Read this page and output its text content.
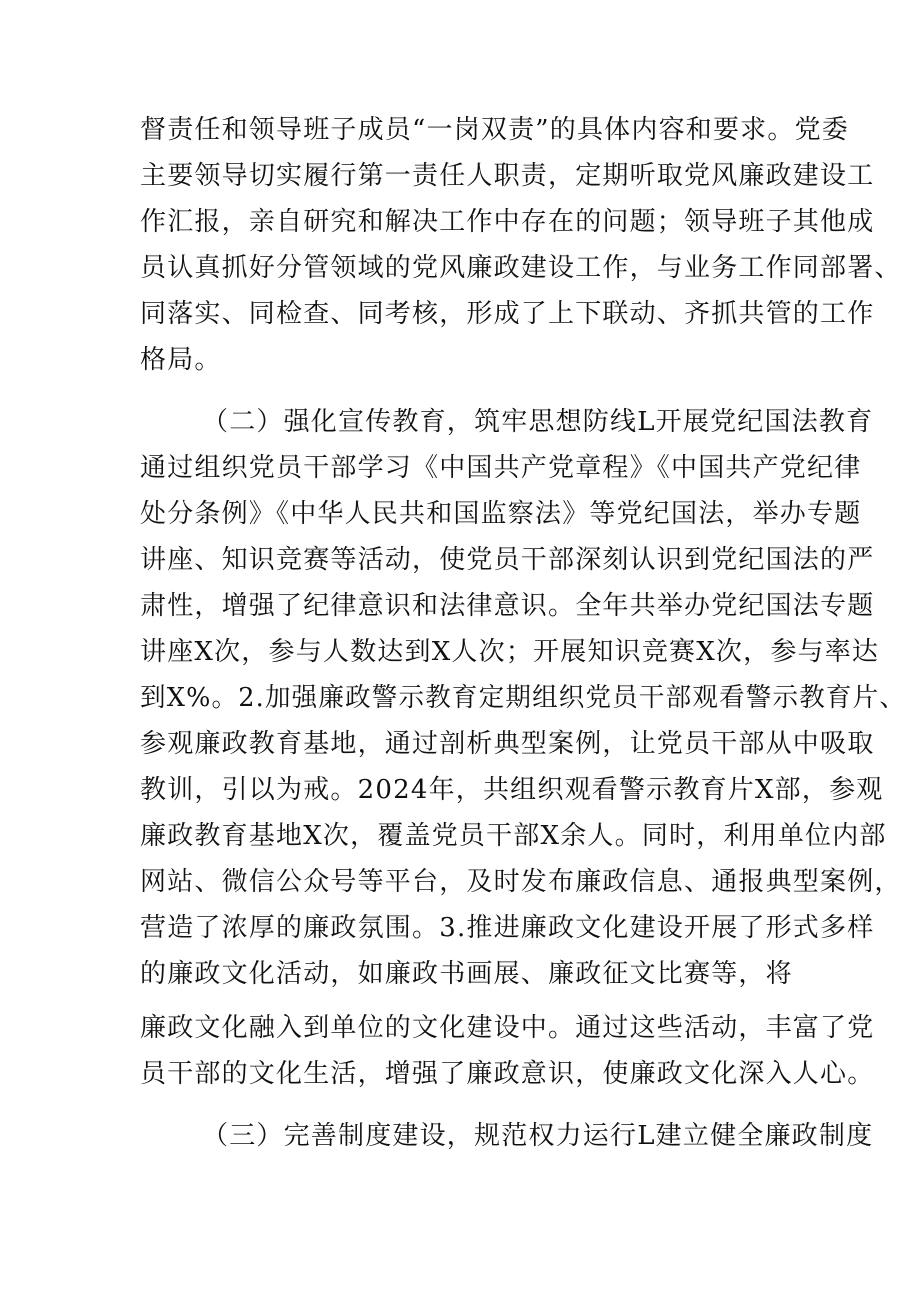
督责任和领导班子成员“一岗双责”的具体内容和要求。党委
主要领导切实履行第一责任人职责，定期听取党风廉政建设工
作汇报，亲自研究和解决工作中存在的问题；领导班子其他成
员认真抓好分管领域的党风廉政建设工作，与业务工作同部署、
同落实、同检查、同考核，形成了上下联动、齐抓共管的工作
格局。
（二）强化宣传教育，筑牢思想防线L开展党纪国法教育
通过组织党员干部学习《中国共产党章程》《中国共产党纪律
处分条例》《中华人民共和国监察法》等党纪国法，举办专题
讲座、知识竞赛等活动，使党员干部深刻认识到党纪国法的严
肃性，增强了纪律意识和法律意识。全年共举办党纪国法专题
讲座X次，参与人数达到X人次；开展知识竞赛X次，参与率达
到X%。2.加强廉政警示教育定期组织党员干部观看警示教育片、
参观廉政教育基地，通过剖析典型案例，让党员干部从中吸取
教训，引以为戒。2024年，共组织观看警示教育片X部，参观
廉政教育基地X次，覆盖党员干部X余人。同时，利用单位内部
网站、微信公众号等平台，及时发布廉政信息、通报典型案例，
营造了浓厚的廉政氛围。3.推进廉政文化建设开展了形式多样
的廉政文化活动，如廉政书画展、廉政征文比赛等，将
廉政文化融入到单位的文化建设中。通过这些活动，丰富了党
员干部的文化生活，增强了廉政意识，使廉政文化深入人心。
（三）完善制度建设，规范权力运行L建立健全廉政制度
